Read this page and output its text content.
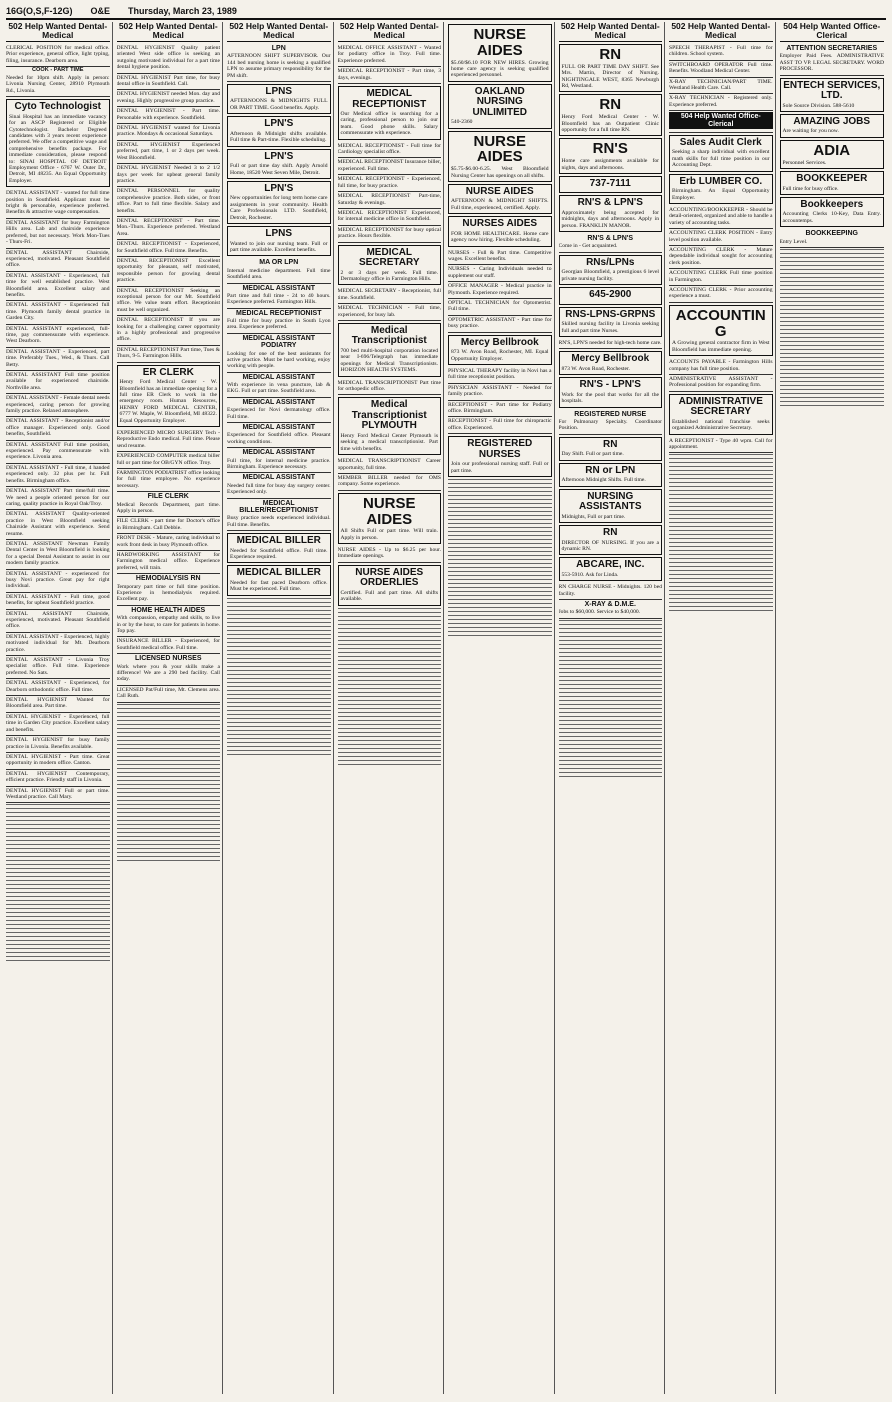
16G(O,S,F-12G) O&E Thursday, March 23, 1989
502 Help Wanted Dental-Medical
CLERICAL POSITION for medical office. Prior experience, general office, light typing, filing, insurance. Dearborn area.
COOK - PART TIME
Needed for 10pm shift. Apply in person: Livonia Nursing Center, 28910 Plymouth Rd., Livonia.
Cyto Technologist
Sinai Hospital has an immediate vacancy for an ASCP Registered or Eligible Cytotechnologist. Bachelor Degreed candidates with 3 years recent experience preferred. We offer a competitive wage and comprehensive benefits package. For immediate consideration, please respond to: SINAI HOSPITAL OF DETROIT Employment Office - 6767 W. Outer Dr., Detroit, MI 48235. An Equal Opportunity Employer.
DENTAL ASSISTANT - wanted for full time position in Southfield. Applicant must be bright & personable, experience preferred. Benefits & attractive wage compensation.
DENTAL ASSISTANT for busy Farmington Hills area. Lab and chairside experience preferred, but not necessary. Work Mon-Tues - Thurs-Fri.
DENTAL ASSISTANT Chairside, experienced, motivated. Pleasant Southfield office.
DENTAL ASSISTANT - Experienced, full time for well established practice. West Bloomfield area. Excellent salary and benefits.
DENTAL ASSISTANT - Experienced full time. Plymouth family dental practice in Garden City.
DENTAL ASSISTANT experienced, full-time, pay commensurate with experience. West Dearborn.
DENTAL ASSISTANT - Experienced, part time. Preferably Tues., Wed., & Thurs. Call Betty.
DENTAL ASSISTANT Full time position available for experienced chairside. Northville area.
DENTAL ASSISTANT - Female dental needs experienced, caring person for growing family practice. Relaxed atmosphere.
DENTAL ASSISTANT - Receptionist and/or office manager. Experienced only. Good benefits, Southfield.
DENTAL ASSISTANT Full time position, experienced. Pay commensurate with experience. Livonia area.
DENTAL ASSISTANT - Full time, 4 handed experienced only. 32 plus per hr. Full benefits. Birmingham office.
DENTAL ASSISTANT Part time/full time. We need a people oriented person for our caring, quality practice in Royal Oak/Troy.
DENTAL ASSISTANT Quality-oriented practice in West Bloomfield seeking Chairside Assistant with experience. Send resume.
DENTAL ASSISTANT Newman Family Dental Center in West Bloomfield is looking for a special Dental Assistant to assist in our modern family practice.
DENTAL ASSISTANT - experienced for busy Novi practice. Great pay for right individual.
DENTAL ASSISTANT - Full time, good benefits, for upbeat Southfield practice.
DENTAL ASSISTANT Chairside, experienced, motivated. Pleasant Southfield office.
DENTAL ASSISTANT - Experienced, highly motivated individual for Mt. Dearborn practice.
DENTAL ASSISTANT - Livonia Troy specialist office. Full time. Experience preferred. No Sats.
DENTAL ASSISTANT - Experienced, for Dearborn orthodontic office. Full time.
DENTAL HYGIENIST Wanted for Bloomfield area. Part time.
DENTAL HYGIENIST - Experienced, full time in Garden City practice. Excellent salary and benefits.
DENTAL HYGIENIST for busy family practice in Livonia. Benefits available.
DENTAL HYGIENIST - Part time. Great opportunity in modern office. Canton.
DENTAL HYGIENIST Contemporary, efficient practice. Friendly staff in Livonia.
DENTAL HYGIENIST Full or part time. Westland practice. Call Mary.
502 Help Wanted Dental-Medical
DENTAL HYGIENIST Quality patient oriented West side office is seeking an outgoing motivated individual for a part time dental hygiene position.
DENTAL HYGIENIST Part time, for busy dental office in Southfield. Call.
DENTAL HYGIENIST needed Mon. day and evening. Highly progressive group practice.
DENTAL HYGIENIST - Part time. Personable with experience. Southfield.
DENTAL HYGIENIST wanted for Livonia practice. Mondays & occasional Saturdays.
DENTAL HYGIENIST Experienced preferred, part time, 1 or 2 days per week. West Bloomfield.
DENTAL HYGIENIST Needed 3 to 2 1/2 days per week for upbeat general family practice.
DENTAL PERSONNEL for quality comprehensive practice. Both sides, or front office. Part to full time flexible. Salary and benefits.
DENTAL RECEPTIONIST - Part time. Mon.-Thurs. Experience preferred. Westland Area.
DENTAL RECEPTIONIST - Experienced, for Southfield office. Full time. Benefits.
DENTAL RECEPTIONIST Excellent opportunity for pleasant, self motivated, responsible person for growing dental practice.
DENTAL RECEPTIONIST Seeking an exceptional person for our Mt. Southfield office. We value team effort. Receptionist must be well organized.
DENTAL RECEPTIONIST If you are looking for a challenging career opportunity in a highly professional and progressive office.
DENTAL RECEPTIONIST Part time, Tues & Thurs, 9-5. Farmington Hills.
ER CLERK
Henry Ford Medical Center - W. Bloomfield has an immediate opening for a full time ER Clerk to work in the emergency room. Human Resources, HENRY FORD MEDICAL CENTER, 6777 W. Maple, W. Bloomfield, MI 48322. Equal Opportunity Employer.
EXPERIENCED MICRO SURGERY Tech - Reproductive Endo medical. Full time. Please send resume.
EXPERIENCED COMPUTER medical biller full or part time for OB/GYN office. Troy.
FARMINGTON PODIATRIST office looking for full time employee. No experience necessary.
FILE CLERK
Medical Records Department, part time. Apply in person.
FILE CLERK - part time for Doctor's office in Birmingham. Call Debbie.
FRONT DESK - Mature, caring individual to work front desk in busy Plymouth office.
HARDWORKING ASSISTANT for Farmington medical office. Experience preferred, will train.
HEMODIALYSIS RN
Temporary part time or full time position. Experience in hemodialysis required. Excellent pay.
HOME HEALTH AIDES
With compassion, empathy and skills, to live in or by the hour, to care for patients in home. Top pay.
INSURANCE BILLER - Experienced, for Southfield medical office. Full time.
LICENSED NURSES
Work where you & your skills make a difference! We are a 290 bed facility. Call today.
LICENSED Pat/Full time, Mt. Clemens area. Call Ruth.
502 Help Wanted Dental-Medical
LPN
AFTERNOON SHIFT SUPERVISOR. Our 144 bed nursing home is seeking a qualified LPN to assume primary responsibility for the PM shift.
LPNS
AFTERNOONS & MIDNIGHTS FULL OR PART TIME. Good benefits. Apply.
LPN'S
Afternoon & Midnight shifts available. Full time & Part-time. Flexible scheduling.
LPN'S
Full or part time day shift. Apply Arnold Home, 18520 West Seven Mile, Detroit.
LPN'S
New opportunities for long term home care assignments in your community. Health Care Professionals LTD. Southfield, Detroit, Rochester.
LPNS
Wanted to join our nursing team. Full or part time available. Excellent benefits.
MA OR LPN
Internal medicine department. Full time Southfield area.
MEDICAL ASSISTANT
Part time and full time - 24 to 40 hours. Experience preferred. Farmington Hills.
MEDICAL RECEPTIONIST
Full time for busy practice in South Lyon area. Experience preferred.
MEDICAL ASSISTANT PODIATRY
Looking for one of the best assistants for active practice. Must be hard working, enjoy working with people.
MEDICAL ASSISTANT
With experience in vena puncture, lab & EKG. Full or part time. Southfield area.
MEDICAL ASSISTANT
Experienced for Novi dermatology office. Full time.
MEDICAL ASSISTANT
Experienced for Southfield office. Pleasant working conditions.
MEDICAL ASSISTANT
Full time, for internal medicine practice. Birmingham. Experience necessary.
MEDICAL ASSISTANT
Needed full time for busy day surgery center. Experienced only.
MEDICAL BILLER/RECEPTIONIST
Busy practice needs experienced individual. Full time. Benefits.
MEDICAL BILLER
Needed for Southfield office. Full time. Experience required.
MEDICAL BILLER
Needed for fast paced Dearborn office. Must be experienced. Full time.
502 Help Wanted Dental-Medical
MEDICAL OFFICE ASSISTANT - Wanted for podiatry office in Troy. Full time. Experience preferred.
MEDICAL RECEPTIONIST - Part time, 3 days, evenings.
MEDICAL RECEPTIONIST
Our Medical office is searching for a caring, professional person to join our team. Good phone skills. Salary commensurate with experience.
MEDICAL RECEPTIONIST - Full time for Cardiology specialist office.
MEDICAL RECEPTIONIST Insurance biller, experienced. Full time.
MEDICAL RECEPTIONIST - Experienced, full time, for busy practice.
MEDICAL RECEPTIONIST Part-time, Saturday & evenings.
MEDICAL RECEPTIONIST Experienced, for internal medicine office in Southfield.
MEDICAL RECEPTIONIST for busy optical practice. Hours flexible.
MEDICAL SECRETARY
2 or 3 days per week. Full time. Dermatology office in Farmington Hills.
MEDICAL SECRETARY - Receptionist, full time. Southfield.
MEDICAL TECHNICIAN - Full time, experienced, for busy lab.
Medical Transcriptionist
700 bed multi-hospital corporation located near I-696/Telegraph has immediate openings for Medical Transcriptionists. HORIZON HEALTH SYSTEMS.
MEDICAL TRANSCRIPTIONIST Part time for orthopedic office.
Medical Transcriptionist PLYMOUTH
Henry Ford Medical Center Plymouth is seeking a medical transcriptionist. Part time with benefits.
MEDICAL TRANSCRIPTIONIST Career opportunity, full time.
MEMBER BILLER needed for OMS company. Some experience.
NURSE AIDES
All Shifts Full or part time. Will train. Apply in person.
NURSE AIDES - Up to $6.25 per hour. Immediate openings.
NURSE AIDES ORDERLIES
Certified. Full and part time. All shifts available.
NURSE AIDES
$5.60/$6.10 FOR NEW HIRES. Growing home care agency is seeking qualified experienced personnel.
OAKLAND NURSING UNLIMITED
540-2360
NURSE AIDES
$5.75-$6.00-6.25. West Bloomfield Nursing Center has openings on all shifts.
NURSE AIDES
AFTERNOON & MIDNIGHT SHIFTS. Full time, experienced, certified. Apply.
NURSES AIDES
FOR HOME HEALTHCARE. Home care agency now hiring. Flexible scheduling.
NURSES - Full & Part time. Competitive wages. Excellent benefits.
NURSES - Caring Individuals needed to supplement our staff.
OFFICE MANAGER - Medical practice in Plymouth. Experience required.
OPTICAL TECHNICIAN for Optometrist. Full time.
OPTOMETRIC ASSISTANT - Part time for busy practice.
Mercy Bellbrook
873 W. Avon Road, Rochester, MI. Equal Opportunity Employer.
PHYSICAL THERAPY facility in Novi has a full time receptionist position.
PHYSICIAN ASSISTANT - Needed for family practice.
RECEPTIONIST - Part time for Podiatry office. Birmingham.
RECEPTIONIST - Full time for chiropractic office. Experienced.
REGISTERED NURSES
Join our professional nursing staff. Full or part time.
502 Help Wanted Dental-Medical
RN
FULL OR PART TIME DAY SHIFT. See Mrs. Martin, Director of Nursing. NIGHTINGALE WEST, 8365 Newburgh Rd, Westland.
RN
Henry Ford Medical Center - W. Bloomfield has an Outpatient Clinic opportunity for a full time RN.
RN'S
Home care assignments available for nights, days and afternoons.
737-7111
RN'S & LPN'S
Approximately being accepted for midnights, days and afternoons. Apply in person. FRANKLIN MANOR.
RN'S & LPN'S
Come in - Get acquainted.
RNs/LPNs
Georgian Bloomfield, a prestigious 6 level private nursing facility.
645-2900
RNS-LPNS-GRPNS
Skilled nursing facility in Livonia seeking full and part time Nurses.
RN'S, LPN'S needed for high-tech home care.
Mercy Bellbrook
873 W. Avon Road, Rochester.
RN'S - LPN'S
Work for the pool that works for all the hospitals.
REGISTERED NURSE
For Pulmonary Specialty. Coordinator Position.
RN
Day Shift. Full or part time.
RN or LPN
Afternoon Midnight Shifts. Full time.
NURSING ASSISTANTS
Midnights, Full or part time.
RN
DIRECTOR OF NURSING. If you are a dynamic RN.
ABCARE, INC.
553-5910. Ask for Linda.
RN CHARGE NURSE - Midnights. 120 bed facility.
X-RAY & D.M.E.
Jobs to $60,000. Service to $40,000.
502 Help Wanted Dental-Medical
SPEECH THERAPIST - Full time for children. School system.
SWITCHBOARD OPERATOR Full time. Benefits. Woodland Medical Center.
X-RAY TECHNICIAN/PART TIME. Westland Health Care. Call.
X-RAY TECHNICIAN - Registered only. Experience preferred.
504 Help Wanted Office-Clerical
Sales Audit Clerk
Seeking a sharp individual with excellent math skills for full time position in our Accounting Dept.
Erb LUMBER CO.
Birmingham. An Equal Opportunity Employer.
ACCOUNTING/BOOKKEEPER - Should be detail-oriented, organized and able to handle a variety of accounting tasks.
ACCOUNTING CLERK POSITION - Entry level position available.
ACCOUNTING CLERK - Mature dependable individual sought for accounting clerk position.
ACCOUNTING CLERK Full time position in Farmington.
ACCOUNTING CLERK - Prior accounting experience a must.
ACCOUNTING
A Growing general contractor firm in West Bloomfield has immediate opening.
ACCOUNTS PAYABLE - Farmington Hills company has full time position.
ADMINISTRATIVE ASSISTANT - Professional position for expanding firm.
ADMINISTRATIVE SECRETARY
Established national franchise seeks organized Administrative Secretary.
A RECEPTIONIST - Type 40 wpm. Call for appointment.
504 Help Wanted Office-Clerical
ATTENTION SECRETARIES
Employer Paid Fees. ADMINISTRATIVE ASST TO VP. LEGAL SECRETARY. WORD PROCESSOR.
ENTECH SERVICES, LTD.
Sole Source Division. 588-5610
AMAZING JOBS
Are waiting for you now.
ADIA
Personnel Services.
BOOKKEEPER
Full time for busy office.
Bookkeepers
Accounting Clerks 10-Key, Data Entry. accountemps.
BOOKKEEPING
Entry Level.
